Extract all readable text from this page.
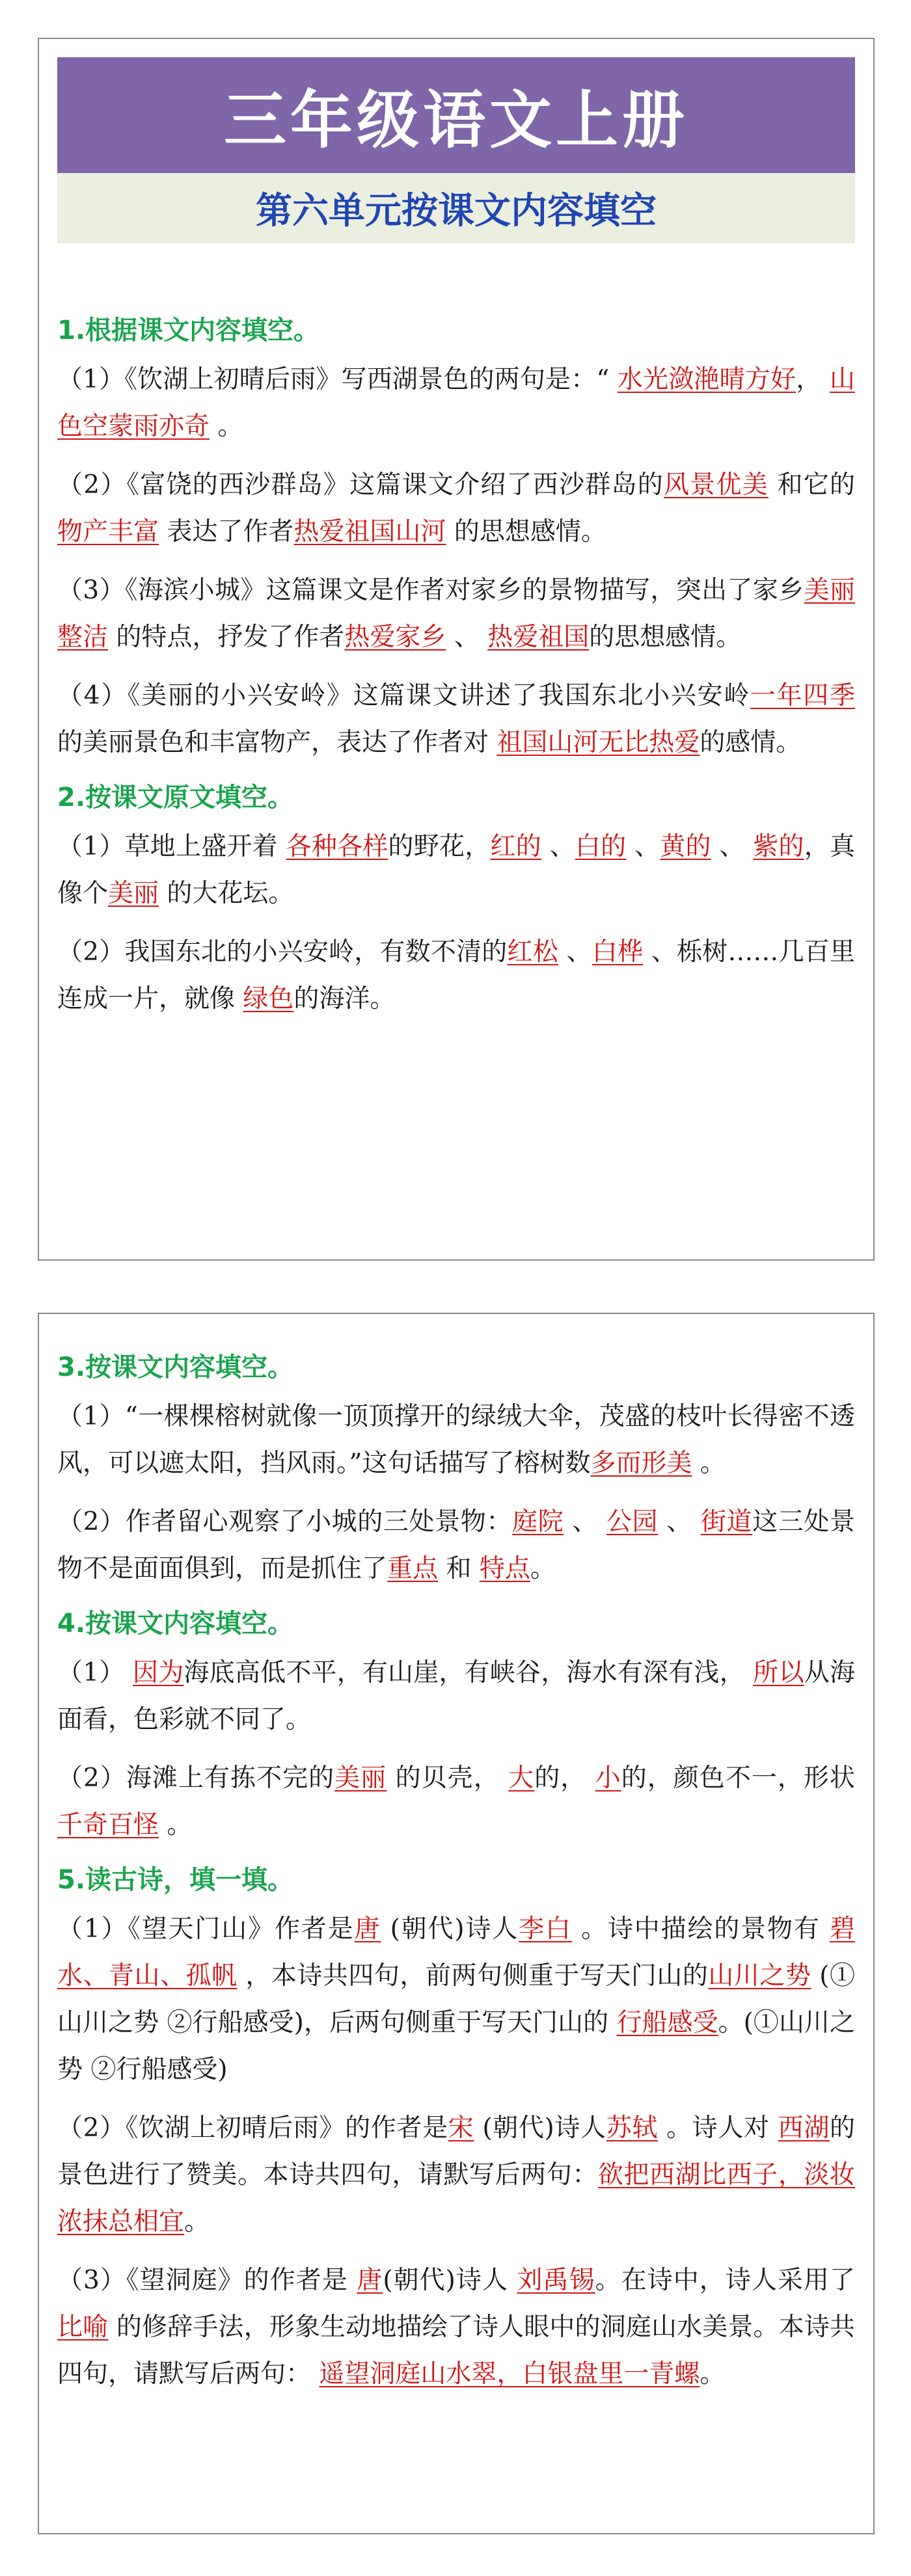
三年级语文上册
第六单元按课文内容填空
1.根据课文内容填空。
（1）《饮湖上初晴后雨》写西湖景色的两句是：“ 水光潋滟晴方好， 山色空蒙雨亦奇 。
（2）《富饶的西沙群岛》这篇课文介绍了西沙群岛的风景优美 和它的物产丰富 表达了作者热爱祖国山河 的思想感情。
（3）《海滨小城》这篇课文是作者对家乡的景物描写，突出了家乡美丽整洁 的特点，抒发了作者热爱家乡 、 热爱祖国的思想感情。
（4）《美丽的小兴安岭》这篇课文讲述了我国东北小兴安岭一年四季 的美丽景色和丰富物产，表达了作者对 祖国山河无比热爱的感情。
2.按课文原文填空。
（1）草地上盛开着 各种各样的野花，红的 、白的 、黄的 、 紫的，真像个美丽 的大花坛。
（2）我国东北的小兴安岭，有数不清的红松 、白桦 、栎树……几百里连成一片，就像 绿色的海洋。
3.按课文内容填空。
（1）“一棵棵榕树就像一顶顶撑开的绿绒大伞，茂盛的枝叶长得密不透风，可以遮太阳，挡风雨。”这句话描写了榕树数多而形美 。
（2）作者留心观察了小城的三处景物：庭院 、 公园 、 街道这三处景物不是面面俱到，而是抓住了重点 和 特点。
4.按课文内容填空。
（1） 因为海底高低不平，有山崖，有峡谷，海水有深有浅， 所以从海面看，色彩就不同了。
（2）海滩上有拣不完的美丽 的贝壳， 大的， 小的，颜色不一，形状千奇百怪 。
5.读古诗，填一填。
（1）《望天门山》作者是唐 (朝代)诗人李白 。诗中描绘的景物有 碧水、青山、孤帆 ，本诗共四句，前两句侧重于写天门山的山川之势 (①山川之势 ②行船感受)，后两句侧重于写天门山的 行船感受。(①山川之势 ②行船感受)
（2）《饮湖上初晴后雨》的作者是宋 (朝代)诗人苏轼 。诗人对 西湖的景色进行了赞美。本诗共四句，请默写后两句：欲把西湖比西子，淡妆浓抹总相宜。
（3）《望洞庭》的作者是 唐(朝代)诗人 刘禹锡。在诗中，诗人采用了比喻 的修辞手法，形象生动地描绘了诗人眼中的洞庭山水美景。本诗共四句，请默写后两句： 遥望洞庭山水翠，白银盘里一青螺。
